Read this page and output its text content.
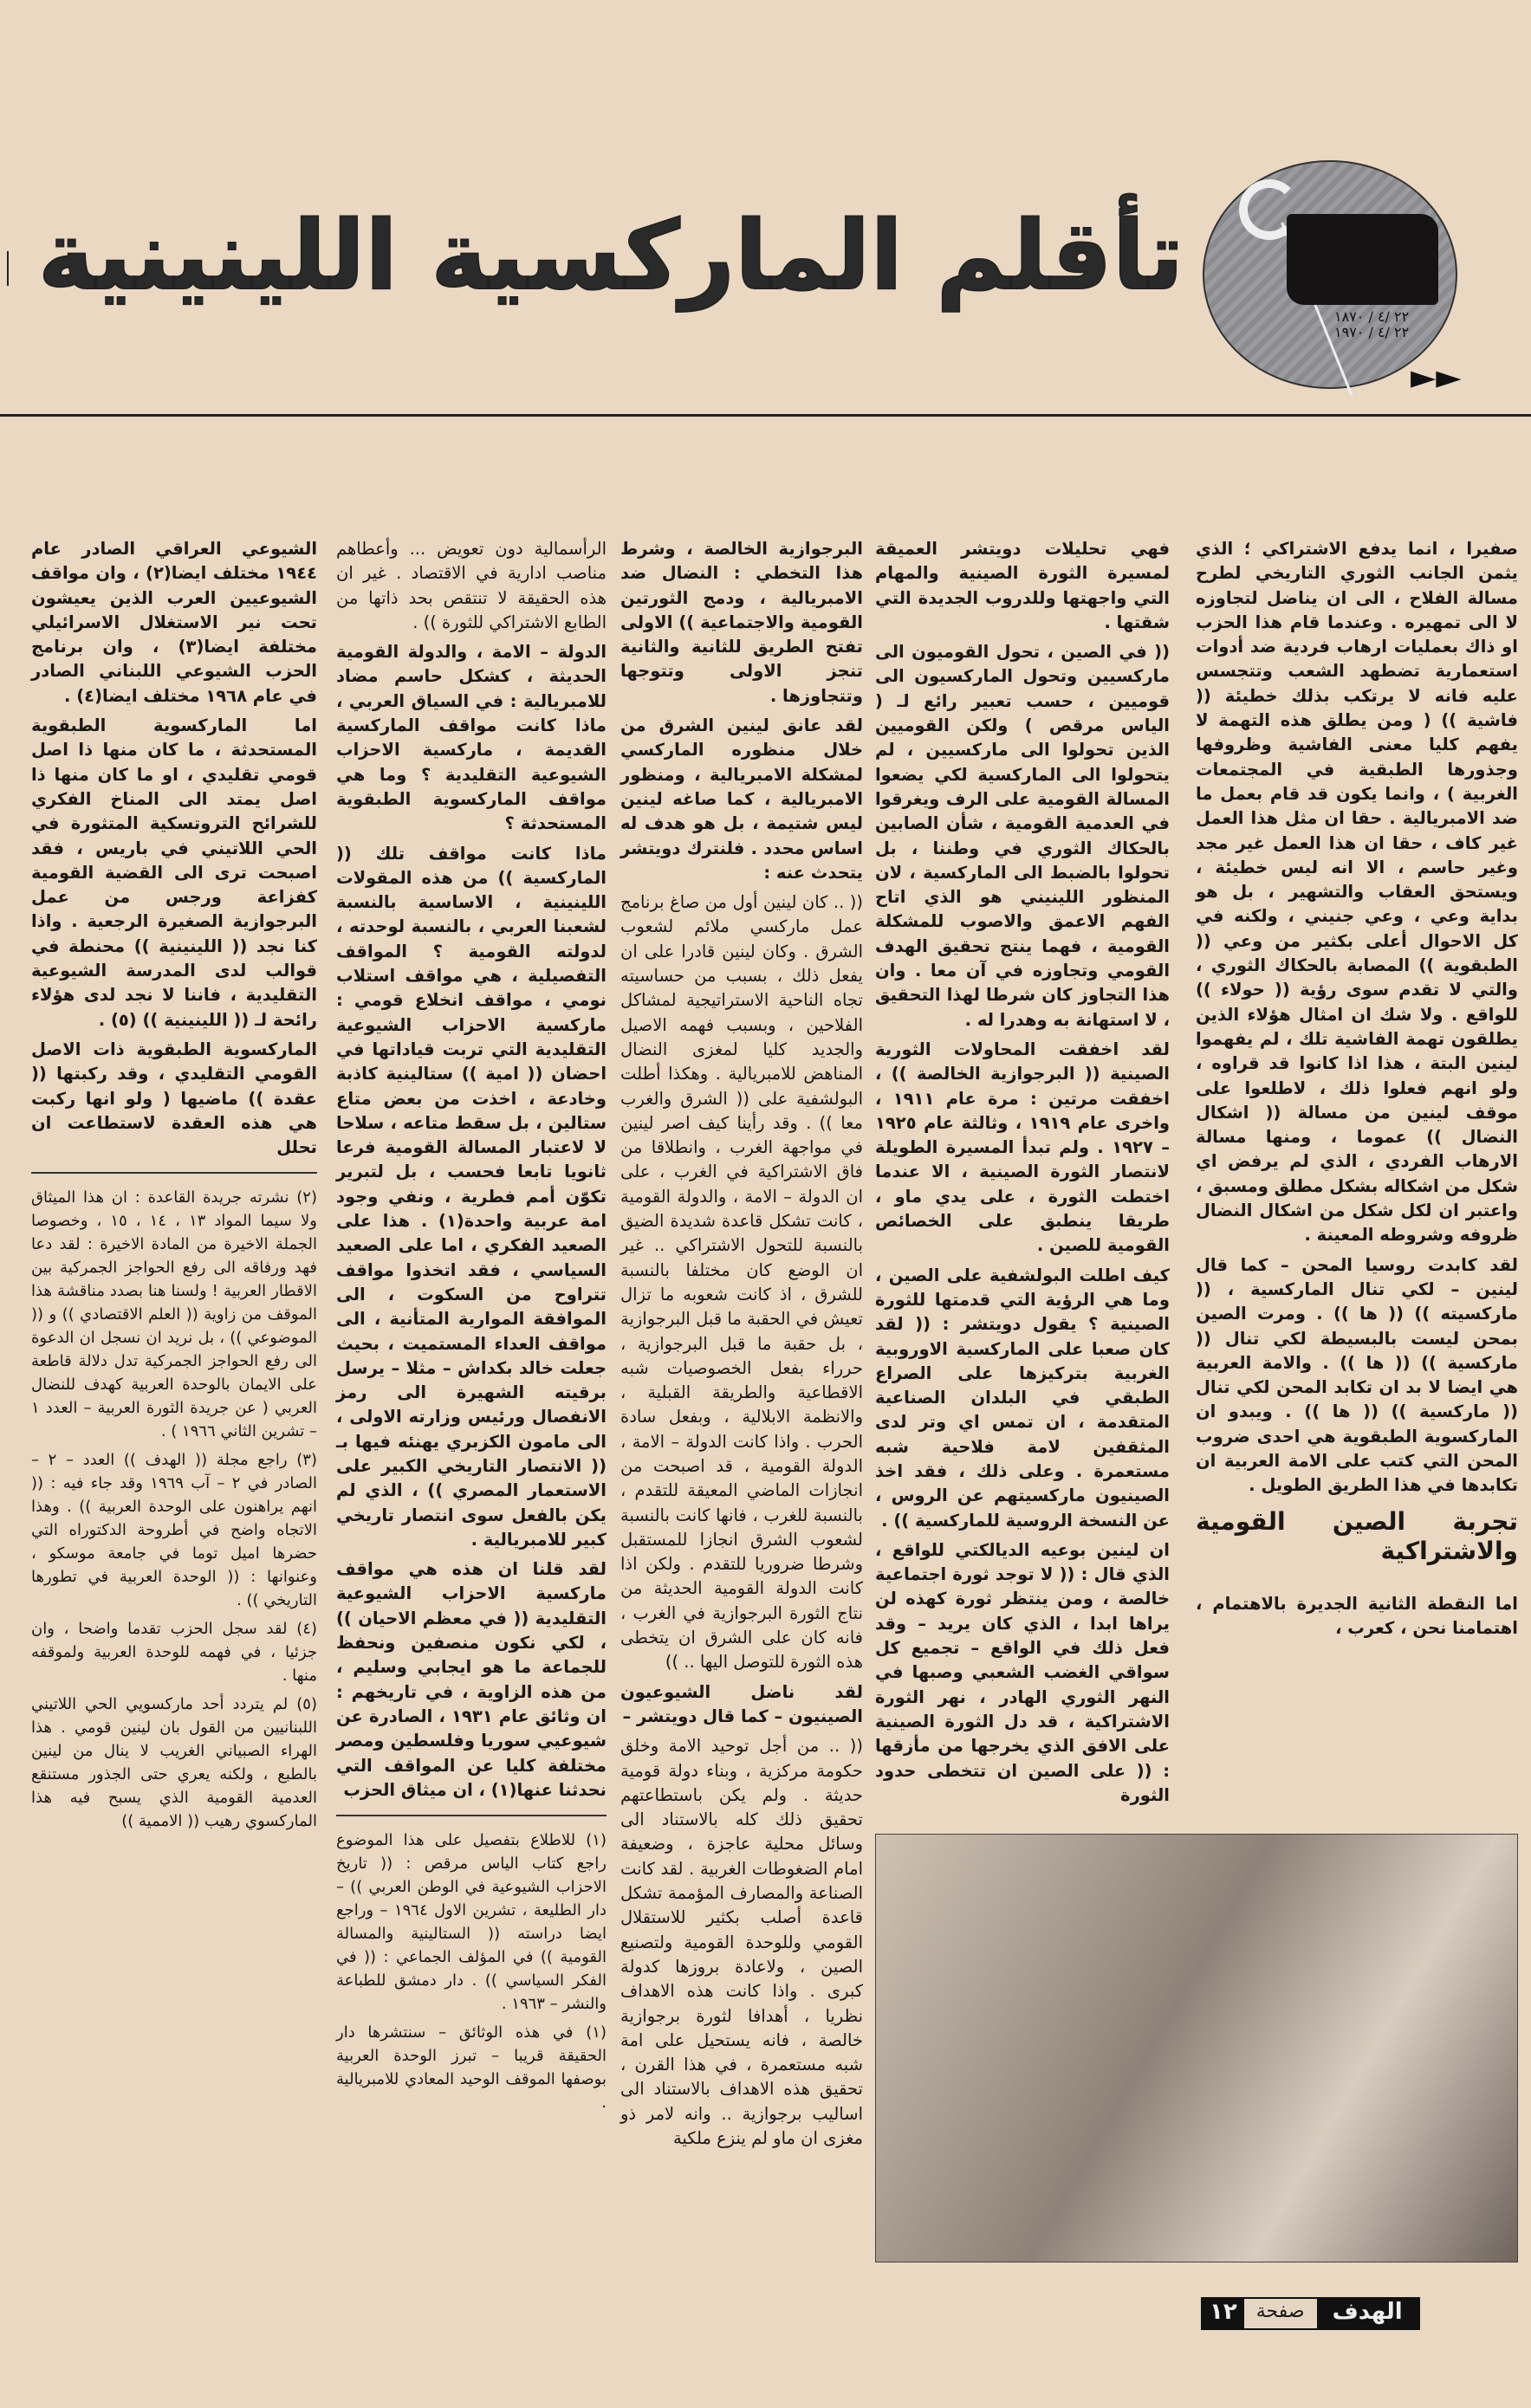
٢٢ /٤ / ١٨٧٠
٢٢ /٤ / ١٩٧٠
►►
تأقلم الماركسية اللينينية

صفيرا ، انما يدفع الاشتراكي ؛ الذي يثمن الجانب الثوري التاريخي لطرح مسالة الفلاح ، الى ان يناضل لتجاوزه لا الى تمهيره . وعندما قام هذا الحزب او ذاك بعمليات ارهاب فردية ضد أدوات استعمارية تضطهد الشعب وتتجسس عليه فانه لا يرتكب بذلك خطيئة (( فاشية )) ( ومن يطلق هذه التهمة لا يفهم كليا معنى الفاشية وظروفها وجذورها الطبقية في المجتمعات الغربية ) ، وانما يكون قد قام بعمل ما ضد الامبريالية . حقا ان مثل هذا العمل غير كاف ، حقا ان هذا العمل غير مجد وغير حاسم ، الا انه ليس خطيئة ، ويستحق العقاب والتشهير ، بل هو بداية وعي ، وعي جنيني ، ولكنه في كل الاحوال أعلى بكثير من وعي (( الطبقوية )) المصابة بالحكاك الثوري ، والتي لا تقدم سوى رؤية (( حولاء )) للواقع . ولا شك ان امثال هؤلاء الذين يطلقون تهمة الفاشية تلك ، لم يفهموا لينين البتة ، هذا اذا كانوا قد قراوه ، ولو انهم فعلوا ذلك ، لاطلعوا على موقف لينين من مسالة (( اشكال النضال )) عموما ، ومنها مسالة الارهاب الفردي ، الذي لم يرفض اي شكل من اشكاله بشكل مطلق ومسبق ، واعتبر ان لكل شكل من اشكال النضال ظروفه وشروطه المعينة .

لقد كابدت روسيا المحن – كما قال لينين – لكي تنال الماركسية ، (( ماركسيته )) (( ها )) . ومرت الصين بمحن ليست بالبسيطة لكي تنال (( ماركسية )) (( ها )) . والامة العربية هي ايضا لا بد ان تكابد المحن لكي تنال (( ماركسية )) (( ها )) . ويبدو ان الماركسوية الطبقوية هي احدى ضروب المحن التي كتب على الامة العربية ان تكابدها في هذا الطريق الطويل .

تجربة الصين القومية والاشتراكية

اما النقطة الثانية الجديرة بالاهتمام ، اهتمامنا نحن ، كعرب ،

فهي تحليلات دويتشر العميقة لمسيرة الثورة الصينية والمهام التي واجهتها وللدروب الجديدة التي شقتها .

(( في الصين ، تحول القوميون الى ماركسيين وتحول الماركسيون الى قوميين ، حسب تعبير رائع لـ ( الياس مرقص ) ولكن القوميين الذين تحولوا الى ماركسيين ، لم يتحولوا الى الماركسية لكي يضعوا المسالة القومية على الرف ويغرقوا في العدمية القومية ، شأن الصابين بالحكاك الثوري في وطننا ، بل تحولوا بالضبط الى الماركسية ، لان المنظور اللينيني هو الذي اتاح الفهم الاعمق والاصوب للمشكلة القومية ، فهما ينتج تحقيق الهدف القومي وتجاوزه في آن معا . وان هذا التجاوز كان شرطا لهذا التحقيق ، لا استهانة به وهدرا له .

لقد اخفقت المحاولات الثورية الصينية (( البرجوازية الخالصة )) ، اخفقت مرتين : مرة عام ١٩١١ ، واخرى عام ١٩١٩ ، وثالثة عام ١٩٢٥ – ١٩٢٧ . ولم تبدأ المسيرة الطويلة لانتصار الثورة الصينية ، الا عندما اختطت الثورة ، على يدي ماو ، طريقا ينطبق على الخصائص القومية للصين .

كيف اطلت البولشفية على الصين ، وما هي الرؤية التي قدمتها للثورة الصينية ؟ يقول دويتشر : (( لقد كان صعبا على الماركسية الاوروبية الغربية بتركيزها على الصراع الطبقي في البلدان الصناعية المتقدمة ، ان تمس اي وتر لدى المثقفين لامة فلاحية شبه مستعمرة . وعلى ذلك ، فقد اخذ الصينيون ماركسيتهم عن الروس ، عن النسخة الروسية للماركسية )) .

ان لينين بوعيه الديالكتي للواقع ، الذي قال : (( لا توجد ثورة اجتماعية خالصة ، ومن ينتظر ثورة كهذه لن يراها ابدا ، الذي كان يريد – وقد فعل ذلك في الواقع – تجميع كل سواقي الغضب الشعبي وصبها في النهر الثوري الهادر ، نهر الثورة الاشتراكية ، قد دل الثورة الصينية على الافق الذي يخرجها من مأزقها : (( على الصين ان تتخطى حدود الثورة

١٢	صفحة	الهدف

البرجوازية الخالصة ، وشرط هذا التخطي : النضال ضد الامبريالية ، ودمج الثورتين القومية والاجتماعية )) الاولى تفتح الطريق للثانية والثانية تنجز الاولى وتتوجها وتتجاوزها .

لقد عانق لينين الشرق من خلال منظوره الماركسي لمشكلة الامبريالية ، ومنظور الامبريالية ، كما صاغه لينين ليس شتيمة ، بل هو هدف له اساس محدد . فلنترك دويتشر يتحدث عنه :

(( .. كان لينين أول من صاغ برنامج عمل ماركسي ملائم لشعوب الشرق . وكان لينين قادرا على ان يفعل ذلك ، بسبب من حساسيته تجاه الناحية الاستراتيجية لمشاكل الفلاحين ، وبسبب فهمه الاصيل والجديد كليا لمغزى النضال المناهض للامبريالية . وهكذا أطلت البولشفية على (( الشرق والغرب معا )) . وقد رأينا كيف اصر لينين في مواجهة الغرب ، وانطلاقا من فاق الاشتراكية في الغرب ، على ان الدولة – الامة ، والدولة القومية ، كانت تشكل قاعدة شديدة الضيق بالنسبة للتحول الاشتراكي .. غير ان الوضع كان مختلفا بالنسبة للشرق ، اذ كانت شعوبه ما تزال تعيش في الحقبة ما قبل البرجوازية ، بل حقبة ما قبل البرجوازية ، حرراء بفعل الخصوصيات شبه الاقطاعية والطريقة القبلية ، والانظمة الابلالية ، وبفعل سادة الحرب . واذا كانت الدولة – الامة ، الدولة القومية ، قد اصبحت من انجازات الماضي المعيقة للتقدم ، بالنسبة للغرب ، فانها كانت بالنسبة لشعوب الشرق انجازا للمستقبل وشرطا ضروريا للتقدم . ولكن اذا كانت الدولة القومية الحديثة من نتاج الثورة البرجوازية في الغرب ، فانه كان على الشرق ان يتخطى هذه الثورة للتوصل اليها .. ))

لقد ناضل الشيوعيون الصينيون – كما قال دويتشر –

(( .. من أجل توحيد الامة وخلق حكومة مركزية ، وبناء دولة قومية حديثة . ولم يكن باستطاعتهم تحقيق ذلك كله بالاستناد الى وسائل محلية عاجزة ، وضعيفة امام الضغوطات الغربية . لقد كانت الصناعة والمصارف المؤممة تشكل قاعدة أصلب بكثير للاستقلال القومي وللوحدة القومية ولتصنيع الصين ، ولاعادة بروزها كدولة كبرى . واذا كانت هذه الاهداف نظريا ، أهدافا لثورة برجوازية خالصة ، فانه يستحيل على امة شبه مستعمرة ، في هذا القرن ، تحقيق هذه الاهداف بالاستناد الى اساليب برجوازية .. وانه لامر ذو مغزى ان ماو لم ينزع ملكية

الرأسمالية دون تعويض ... وأعطاهم مناصب ادارية في الاقتصاد . غير ان هذه الحقيقة لا تنتقص بحد ذاتها من الطابع الاشتراكي للثورة )) .

الدولة – الامة ، والدولة القومية الحديثة ، كشكل حاسم مضاد للامبريالية : في السياق العربي ، ماذا كانت مواقف الماركسية القديمة ، ماركسية الاحزاب الشيوعية التقليدية ؟ وما هي مواقف الماركسوية الطبقوية المستحدثة ؟

ماذا كانت مواقف تلك (( الماركسية )) من هذه المقولات اللينينية ، الاساسية بالنسبة لشعبنا العربي ، بالنسبة لوحدته ، لدولته القومية ؟ المواقف التفصيلية ، هي مواقف استلاب نومي ، مواقف انخلاع قومي : ماركسية الاحزاب الشيوعية التقليدية التي تربت قياداتها في احضان (( امية )) ستالينية كاذبة وخادعة ، اخذت من بعض متاع ستالين ، بل سقط متاعه ، سلاحا لا لاعتبار المسالة القومية فرعا ثانويا تابعا فحسب ، بل لتبرير تكوّن أمم فطرية ، ونفي وجود امة عربية واحدة(١) . هذا على الصعيد الفكري ، اما على الصعيد السياسي ، فقد اتخذوا مواقف تتراوح من السكوت ، الى الموافقة الموارية المتأنية ، الى مواقف العداء المستميت ، بحيث جعلت خالد بكداش – مثلا – يرسل برقيته الشهيرة الى رمز الانفصال ورئيس وزارته الاولى ، الى مامون الكزبري يهنئه فيها بـ (( الانتصار التاريخي الكبير على الاستعمار المصري )) ، الذي لم يكن بالفعل سوى انتصار تاريخي كبير للامبريالية .

لقد قلنا ان هذه هي مواقف ماركسية الاحزاب الشيوعية التقليدية (( في معظم الاحيان )) ، لكي نكون منصفين ونحفظ للجماعة ما هو ايجابي وسليم ، من هذه الزاوية ، في تاريخهم : ان وثائق عام ١٩٣١ ، الصادرة عن شيوعيي سوريا وفلسطين ومصر مختلفة كليا عن المواقف التي نحدثنا عنها(١) ، ان ميثاق الحزب

(١) للاطلاع بتفصيل على هذا الموضوع راجع كتاب الياس مرقص : (( تاريخ الاحزاب الشيوعية في الوطن العربي )) – دار الطليعة ، تشرين الاول ١٩٦٤ – وراجع ايضا دراسته (( الستالينية والمسالة القومية )) في المؤلف الجماعي : (( في الفكر السياسي )) . دار دمشق للطباعة والنشر – ١٩٦٣ .

(١) في هذه الوثائق – سنتشرها دار الحقيقة قريبا – تبرز الوحدة العربية بوصفها الموقف الوحيد المعادي للامبريالية .

الشيوعي العراقي الصادر عام ١٩٤٤ مختلف ايضا(٢) ، وان مواقف الشيوعيين العرب الذين يعيشون تحت نير الاستغلال الاسرائيلي مختلفة ايضا(٣) ، وان برنامج الحزب الشيوعي اللبناني الصادر في عام ١٩٦٨ مختلف ايضا(٤) .

اما الماركسوية الطبقوية المستحدثة ، ما كان منها ذا اصل قومي تقليدي ، او ما كان منها ذا اصل يمتد الى المناخ الفكري للشرائح التروتسكية المتثورة في الحي اللاتيني في باريس ، فقد اصبحت ترى الى القضية القومية كفزاعة ورجس من عمل البرجوازية الصغيرة الرجعية . واذا كنا نجد (( اللينينية )) محنطة في قوالب لدى المدرسة الشيوعية التقليدية ، فاننا لا نجد لدى هؤلاء رائحة لـ (( اللينينية )) (٥) .

الماركسوية الطبقوية ذات الاصل القومي التقليدي ، وقد ركبتها (( عقدة )) ماضيها ( ولو انها ركبت هي هذه العقدة لاستطاعت ان تحلل

(٢) نشرته جريدة القاعدة : ان هذا الميثاق ولا سيما المواد ١٣ ، ١٤ ، ١٥ ، وخصوصا الجملة الاخيرة من المادة الاخيرة : لقد دعا فهد ورفاقه الى رفع الحواجز الجمركية بين الاقطار العربية ! ولسنا هنا بصدد مناقشة هذا الموقف من زاوية (( العلم الاقتصادي )) و (( الموضوعي )) ، بل نريد ان نسجل ان الدعوة الى رفع الحواجز الجمركية تدل دلالة قاطعة على الايمان بالوحدة العربية كهدف للنضال العربي ( عن جريدة الثورة العربية – العدد ١ – تشرين الثاني ١٩٦٦ ) .

(٣) راجع مجلة (( الهدف )) العدد – ٢ – الصادر في ٢ – آب ١٩٦٩ وقد جاء فيه : (( انهم يراهنون على الوحدة العربية )) . وهذا الاتجاه واضح في أطروحة الدكتوراه التي حضرها اميل توما في جامعة موسكو ، وعنوانها : (( الوحدة العربية في تطورها التاريخي )) .

(٤) لقد سجل الحزب تقدما واضحا ، وان جزئيا ، في فهمه للوحدة العربية ولموقفه منها .

(٥) لم يتردد أحد ماركسويي الحي اللاتيني اللبنانيين من القول بان لينين قومي . هذا الهراء الصبياني الغريب لا ينال من لينين بالطبع ، ولكنه يعري حتى الجذور مستنقع العدمية القومية الذي يسبح فيه هذا الماركسوي رهيب (( الاممية ))
